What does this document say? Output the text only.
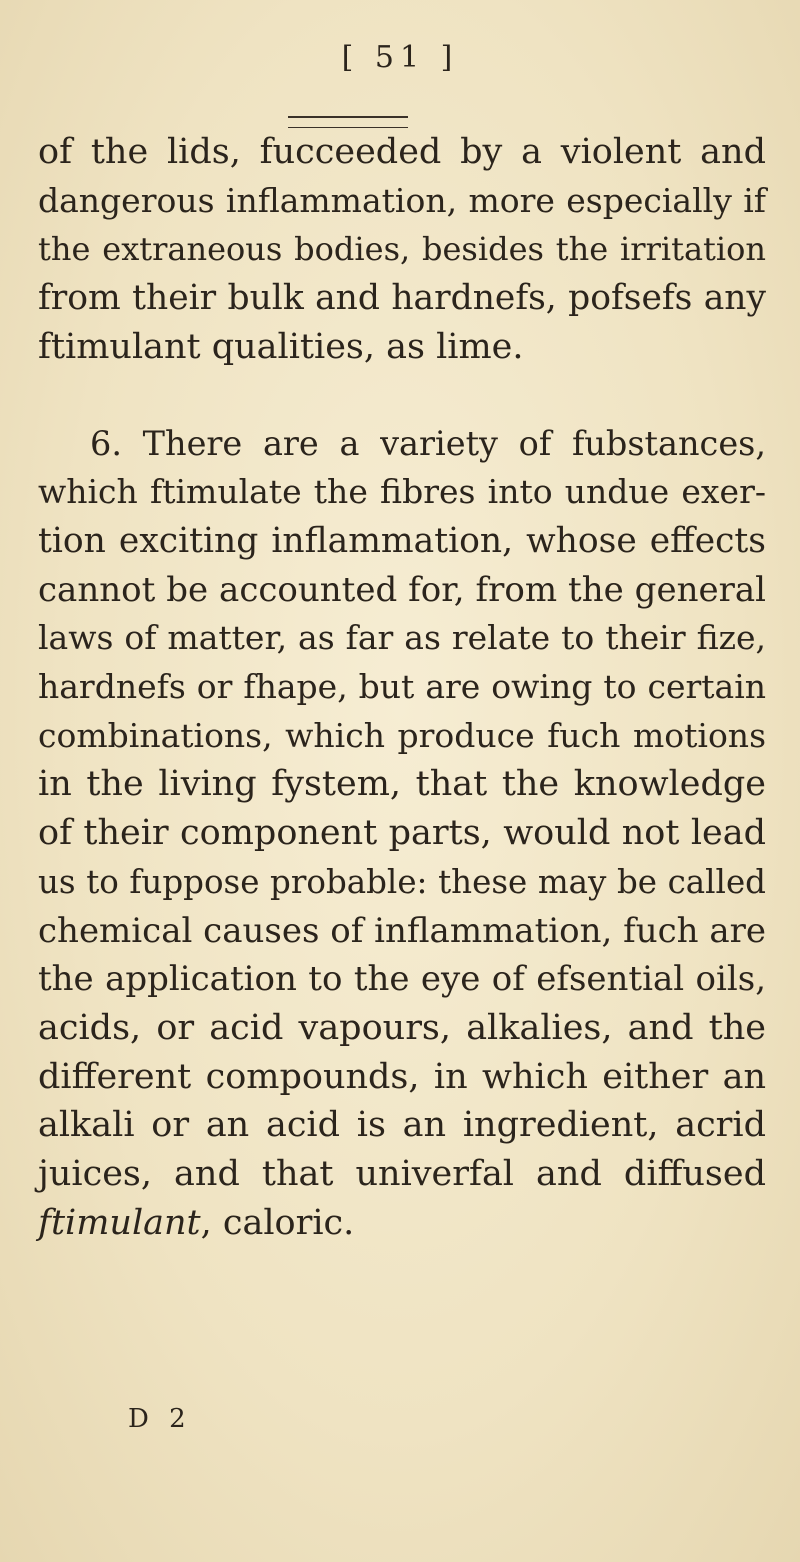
[ 51 ]
of the lids, fucceeded by a violent and
dangerous inflammation, more especially if
the extraneous bodies, besides the irritation
from their bulk and hardnefs, pofsefs any
ftimulant qualities, as lime.
6. There are a variety of fubstances,
which ftimulate the fibres into undue exer-
tion exciting inflammation, whose effects
cannot be accounted for, from the general
laws of matter, as far as relate to their fize,
hardnefs or fhape, but are owing to certain
combinations, which produce fuch motions
in the living fystem, that the knowledge
of their component parts, would not lead
us to fuppose probable: these may be called
chemical causes of inflammation, fuch are
the application to the eye of efsential oils,
acids, or acid vapours, alkalies, and the
different compounds, in which either an
alkali or an acid is an ingredient, acrid
juices, and that univerfal and diffused
ftimulant, caloric.
D 2
